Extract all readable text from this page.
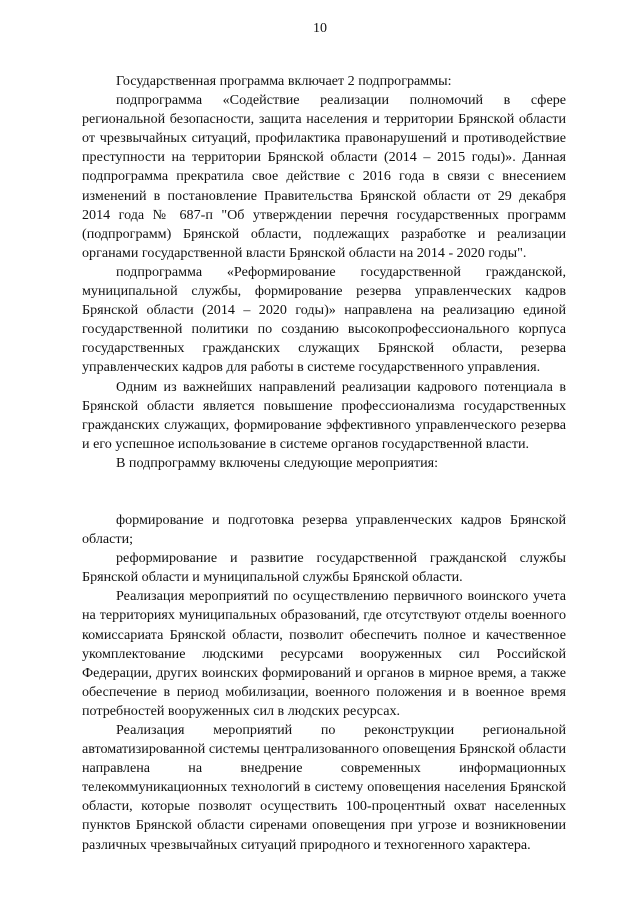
10

Государственная программа включает 2 подпрограммы:

подпрограмма «Содействие реализации полномочий в сфере региональной безопасности, защита населения и территории Брянской области от чрезвычайных ситуаций, профилактика правонарушений и противодействие преступности на территории Брянской области (2014 – 2015 годы)». Данная подпрограмма прекратила свое действие с 2016 года в связи с внесением изменений в постановление Правительства Брянской области от 29 декабря 2014 года № 687-п "Об утверждении перечня государственных программ (подпрограмм) Брянской области, подлежащих разработке и реализации органами государственной власти Брянской области на 2014 - 2020 годы".

подпрограмма «Реформирование государственной гражданской, муниципальной службы, формирование резерва управленческих кадров Брянской области (2014 – 2020 годы)» направлена на реализацию единой государственной политики по созданию высокопрофессионального корпуса государственных гражданских служащих Брянской области, резерва управленческих кадров для работы в системе государственного управления.

Одним из важнейших направлений реализации кадрового потенциала в Брянской области является повышение профессионализма государственных гражданских служащих, формирование эффективного управленческого резерва и его успешное использование в системе органов государственной власти.

В подпрограмму включены следующие мероприятия:

формирование и подготовка резерва управленческих кадров Брянской области;

реформирование и развитие государственной гражданской службы Брянской области и муниципальной службы Брянской области.

Реализация мероприятий по осуществлению первичного воинского учета на территориях муниципальных образований, где отсутствуют отделы военного комиссариата Брянской области, позволит обеспечить полное и качественное укомплектование людскими ресурсами вооруженных сил Российской Федерации, других воинских формирований и органов в мирное время, а также обеспечение в период мобилизации, военного положения и в военное время потребностей вооруженных сил в людских ресурсах.

Реализация мероприятий по реконструкции региональной автоматизированной системы централизованного оповещения Брянской области направлена на внедрение современных информационных телекоммуникационных технологий в систему оповещения населения Брянской области, которые позволят осуществить 100-процентный охват населенных пунктов Брянской области сиренами оповещения при угрозе и возникновении различных чрезвычайных ситуаций природного и техногенного характера.
